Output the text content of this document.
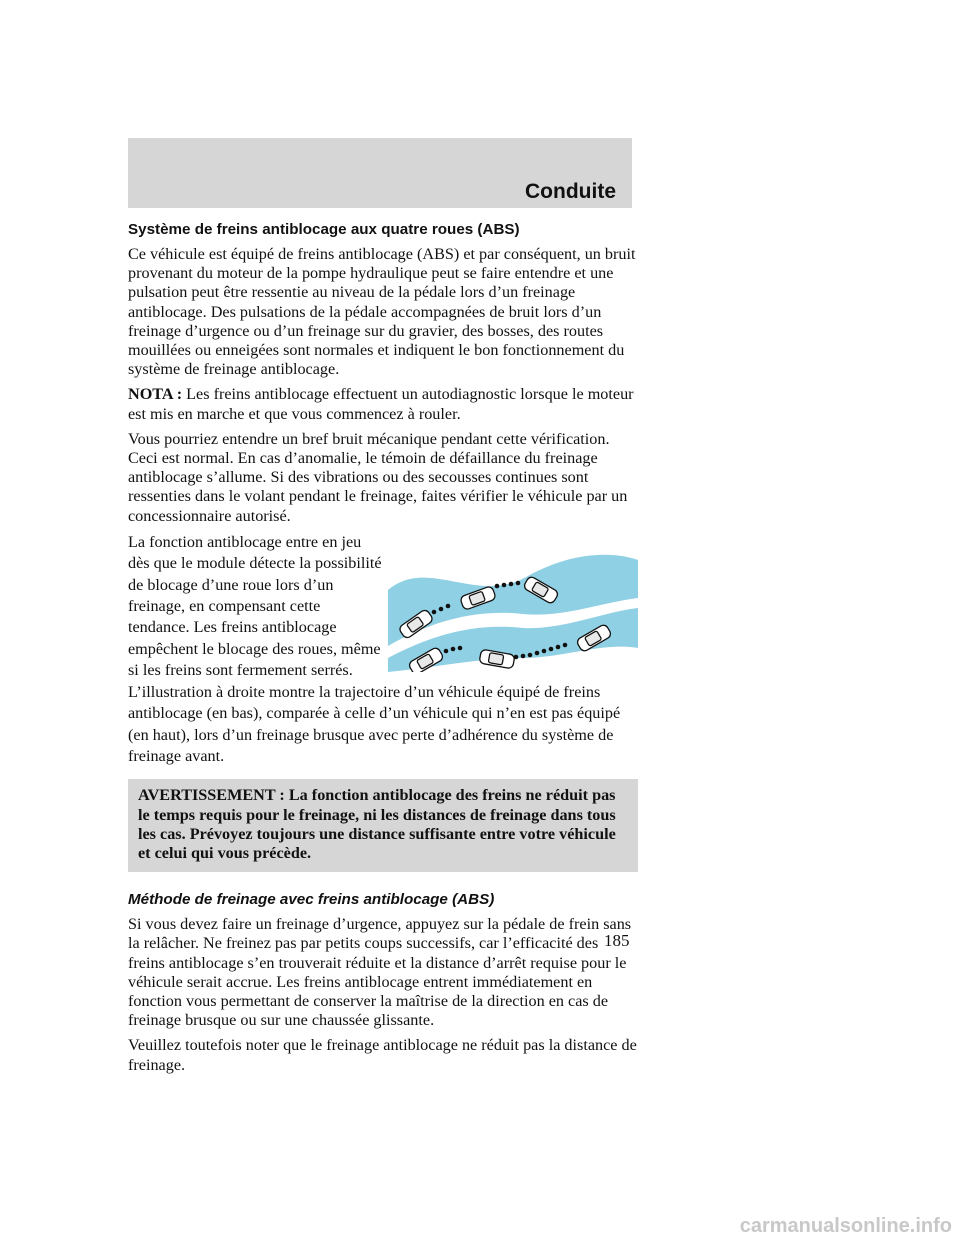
Conduite
Système de freins antiblocage aux quatre roues (ABS)

Ce véhicule est équipé de freins antiblocage (ABS) et par conséquent, un bruit provenant du moteur de la pompe hydraulique peut se faire entendre et une pulsation peut être ressentie au niveau de la pédale lors d’un freinage antiblocage. Des pulsations de la pédale accompagnées de bruit lors d’un freinage d’urgence ou d’un freinage sur du gravier, des bosses, des routes mouillées ou enneigées sont normales et indiquent le bon fonctionnement du système de freinage antiblocage.

NOTA : Les freins antiblocage effectuent un autodiagnostic lorsque le moteur est mis en marche et que vous commencez à rouler.

Vous pourriez entendre un bref bruit mécanique pendant cette vérification. Ceci est normal. En cas d’anomalie, le témoin de défaillance du freinage antiblocage s’allume. Si des vibrations ou des secousses continues sont ressenties dans le volant pendant le freinage, faites vérifier le véhicule par un concessionnaire autorisé.

La fonction antiblocage entre en jeu dès que le module détecte la possibilité de blocage d’une roue lors d’un freinage, en compensant cette tendance. Les freins antiblocage empêchent le blocage des roues, même si les freins sont fermement serrés. L’illustration à droite montre la trajectoire d’un véhicule équipé de freins antiblocage (en bas), comparée à celle d’un véhicule qui n’en est pas équipé (en haut), lors d’un freinage brusque avec perte d’adhérence du système de freinage avant.
AVERTISSEMENT : La fonction antiblocage des freins ne réduit pas le temps requis pour le freinage, ni les distances de freinage dans tous les cas. Prévoyez toujours une distance suffisante entre votre véhicule et celui qui vous précède.
Méthode de freinage avec freins antiblocage (ABS)

Si vous devez faire un freinage d’urgence, appuyez sur la pédale de frein sans la relâcher. Ne freinez pas par petits coups successifs, car l’efficacité des freins antiblocage s’en trouverait réduite et la distance d’arrêt requise pour le véhicule serait accrue. Les freins antiblocage entrent immédiatement en fonction vous permettant de conserver la maîtrise de la direction en cas de freinage brusque ou sur une chaussée glissante.

Veuillez toutefois noter que le freinage antiblocage ne réduit pas la distance de freinage.

185
carmanualsonline.info
